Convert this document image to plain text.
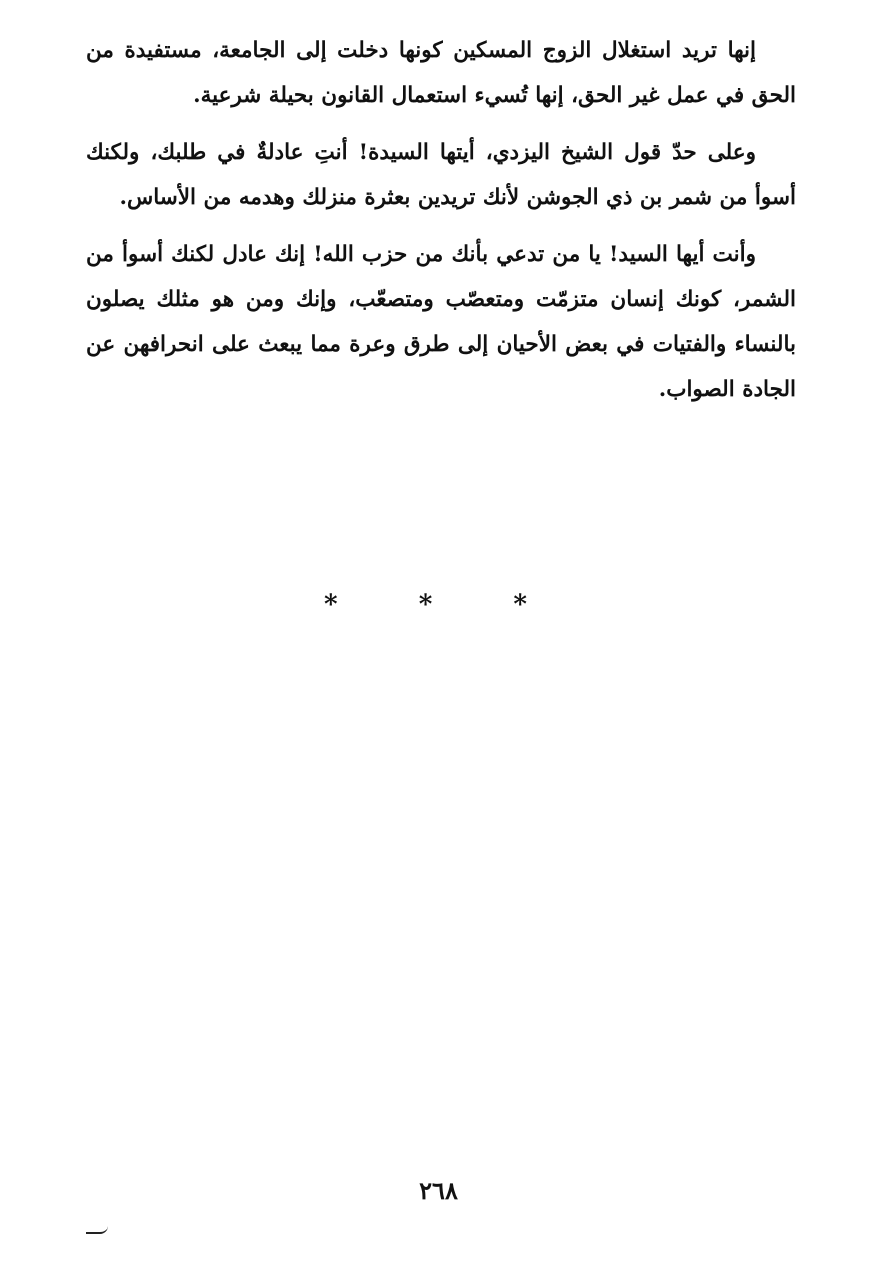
إنها تريد استغلال الزوج المسكين كونها دخلت إلى الجامعة، مستفيدة من الحق في عمل غير الحق، إنها تُسيء استعمال القانون بحيلة شرعية.

وعلى حدّ قول الشيخ اليزدي، أيتها السيدة! أنتِ عادلةٌ في طلبك، ولكنك أسوأ من شمر بن ذي الجوشن لأنك تريدين بعثرة منزلك وهدمه من الأساس.

وأنت أيها السيد! يا من تدعي بأنك من حزب الله! إنك عادل لكنك أسوأ من الشمر، كونك إنسان متزمّت ومتعصّب ومتصعّب، وإنك ومن هو مثلك يصلون بالنساء والفتيات في بعض الأحيان إلى طرق وعرة مما يبعث على انحرافهن عن الجادة الصواب.

* * *
٢٦٨
